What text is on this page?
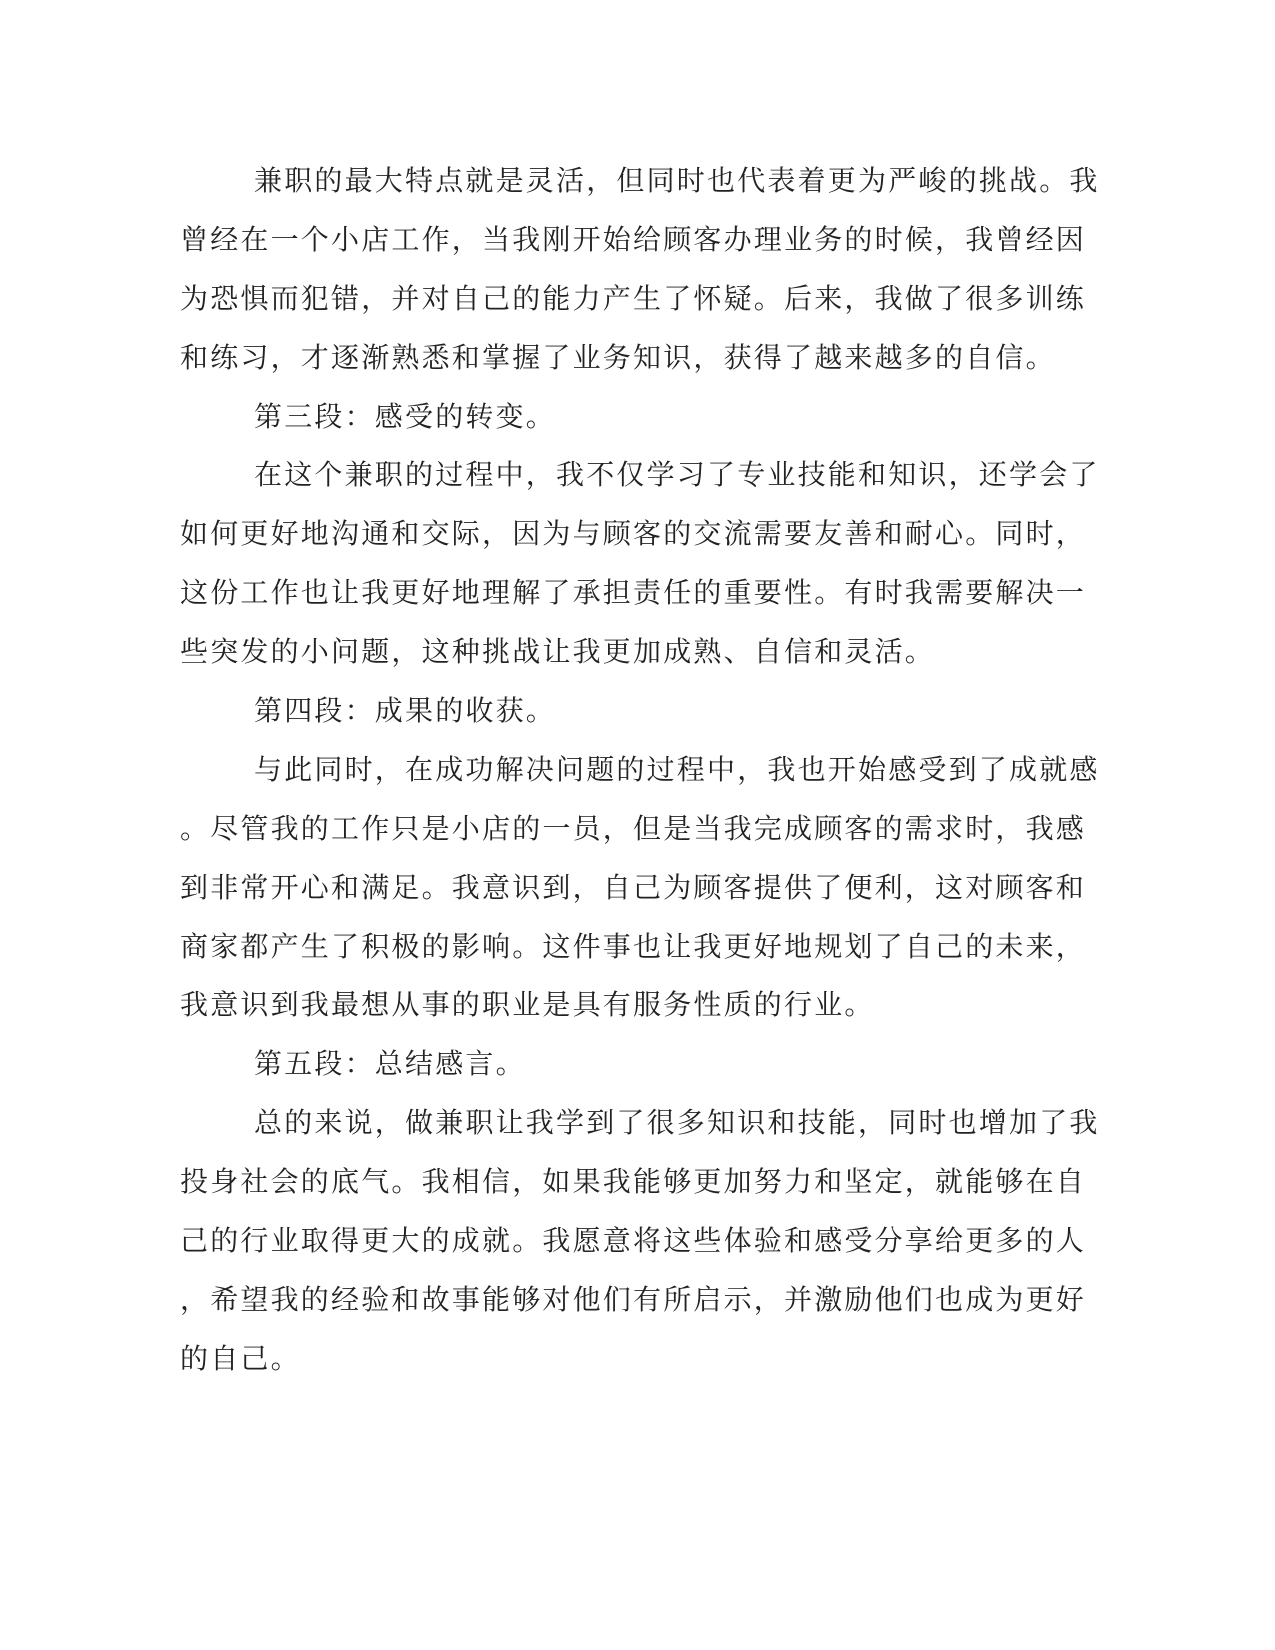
兼职的最大特点就是灵活，但同时也代表着更为严峻的挑战。我
曾经在一个小店工作，当我刚开始给顾客办理业务的时候，我曾经因
为恐惧而犯错，并对自己的能力产生了怀疑。后来，我做了很多训练
和练习，才逐渐熟悉和掌握了业务知识，获得了越来越多的自信。
第三段：感受的转变。
在这个兼职的过程中，我不仅学习了专业技能和知识，还学会了
如何更好地沟通和交际，因为与顾客的交流需要友善和耐心。同时，
这份工作也让我更好地理解了承担责任的重要性。有时我需要解决一
些突发的小问题，这种挑战让我更加成熟、自信和灵活。
第四段：成果的收获。
与此同时，在成功解决问题的过程中，我也开始感受到了成就感
。尽管我的工作只是小店的一员，但是当我完成顾客的需求时，我感
到非常开心和满足。我意识到，自己为顾客提供了便利，这对顾客和
商家都产生了积极的影响。这件事也让我更好地规划了自己的未来，
我意识到我最想从事的职业是具有服务性质的行业。
第五段：总结感言。
总的来说，做兼职让我学到了很多知识和技能，同时也增加了我
投身社会的底气。我相信，如果我能够更加努力和坚定，就能够在自
己的行业取得更大的成就。我愿意将这些体验和感受分享给更多的人
，希望我的经验和故事能够对他们有所启示，并激励他们也成为更好
的自己。
